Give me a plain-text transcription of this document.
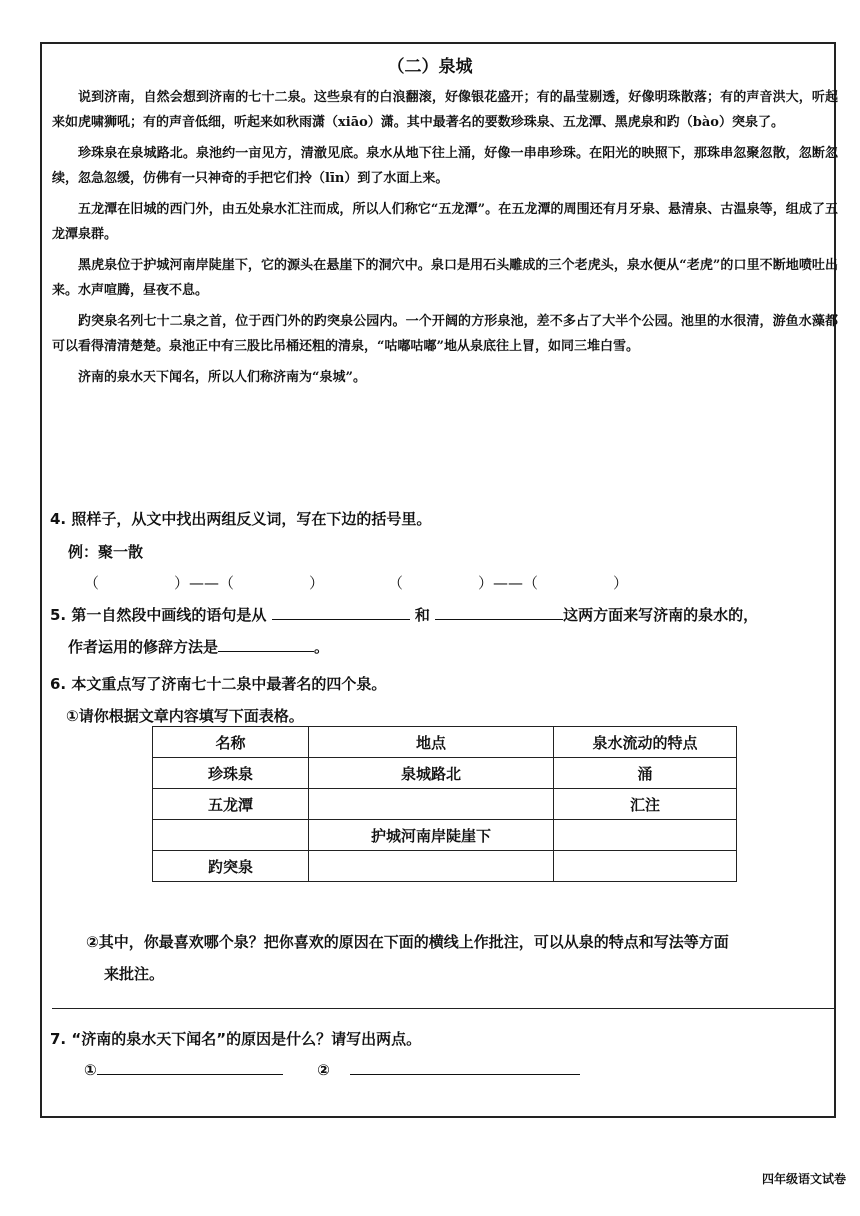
（二）泉城

说到济南，自然会想到济南的七十二泉。这些泉有的白浪翻滚，好像银花盛开；有的晶莹剔透，好像明珠散落；有的声音洪大，听起来如虎啸狮吼；有的声音低细，听起来如秋雨潇（xiāo）潇。其中最著名的要数珍珠泉、五龙潭、黑虎泉和趵（bào）突泉了。

珍珠泉在泉城路北。泉池约一亩见方，清澈见底。泉水从地下往上涌，好像一串串珍珠。在阳光的映照下，那珠串忽聚忽散，忽断忽续，忽急忽缓，仿佛有一只神奇的手把它们拎（līn）到了水面上来。

五龙潭在旧城的西门外，由五处泉水汇注而成，所以人们称它“五龙潭”。在五龙潭的周围还有月牙泉、悬清泉、古温泉等，组成了五龙潭泉群。

黑虎泉位于护城河南岸陡崖下，它的源头在悬崖下的洞穴中。泉口是用石头雕成的三个老虎头，泉水便从“老虎”的口里不断地喷吐出来。水声喧腾，昼夜不息。

趵突泉名列七十二泉之首，位于西门外的趵突泉公园内。一个开阔的方形泉池，差不多占了大半个公园。池里的水很清，游鱼水藻都可以看得清清楚楚。泉池正中有三股比吊桶还粗的清泉，“咕嘟咕嘟”地从泉底往上冒，如同三堆白雪。

济南的泉水天下闻名，所以人们称济南为“泉城”。

4. 照样子，从文中找出两组反义词，写在下边的括号里。
例：聚一散
（　　　　　）——（　　　　　）	（　　　　　）——（　　　　　）
5. 第一自然段中画线的语句是从	和	这两方面来写济南的泉水的，
作者运用的修辞方法是	。
6. 本文重点写了济南七十二泉中最著名的四个泉。
①请你根据文章内容填写下面表格。
名称	地点	泉水流动的特点
珍珠泉	泉城路北	涌
五龙潭		汇注
	护城河南岸陡崖下	
趵突泉		
②其中，你最喜欢哪个泉？把你喜欢的原因在下面的横线上作批注，可以从泉的特点和写法等方面
来批注。
7. “济南的泉水天下闻名”的原因是什么？请写出两点。
①	②
四年级语文试卷
